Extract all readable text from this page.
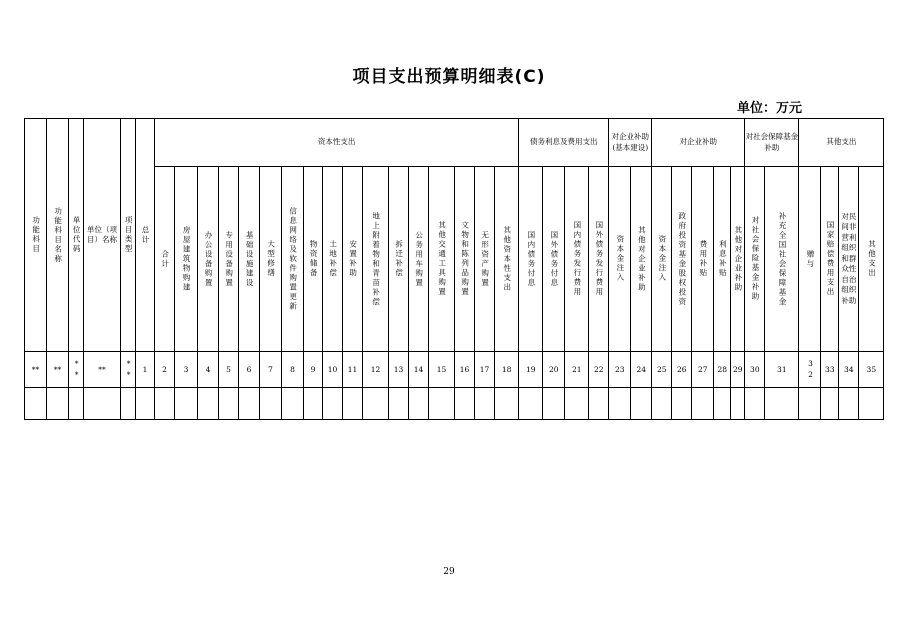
项目支出预算明细表(C)
单位：万元
功能科目	功能科目名称	单位代码	单位（项目）名称	项目类型	总计	资本性支出																	债务利息及费用支出				对企业补助(基本建设)		对企业补助					对社会保障基金补助		其他支出			
						合计	房屋建筑物购建	办公设备购置	专用设备购置	基础设施建设	大型修缮	信息网络及软件购置更新	物资储备	土地补偿	安置补助	地上附着物和青苗补偿	拆迁补偿	公务用车购置	其他交通工具购置	文物和陈列品购置	无形资产购置	其他资本性支出	国内债务付息	国外债务付息	国内债务发行费用	国外债务发行费用	资本金注入	其他对企业补助	资本金注入	政府投资基金股权投资	费用补贴	利息补贴	其他对企业补助	对社会保险基金补助	补充全国社会保障基金	赠与	国家赔偿费用支出	对民间非营利组织和群众性自治组织补助	其他支出
**	**	**	**	**	1	2	3	4	5	6	7	8	9	10	11	12	13	14	15	16	17	18	19	20	21	22	23	24	25	26	27	28	29	30	31	32	33	34	35

29
